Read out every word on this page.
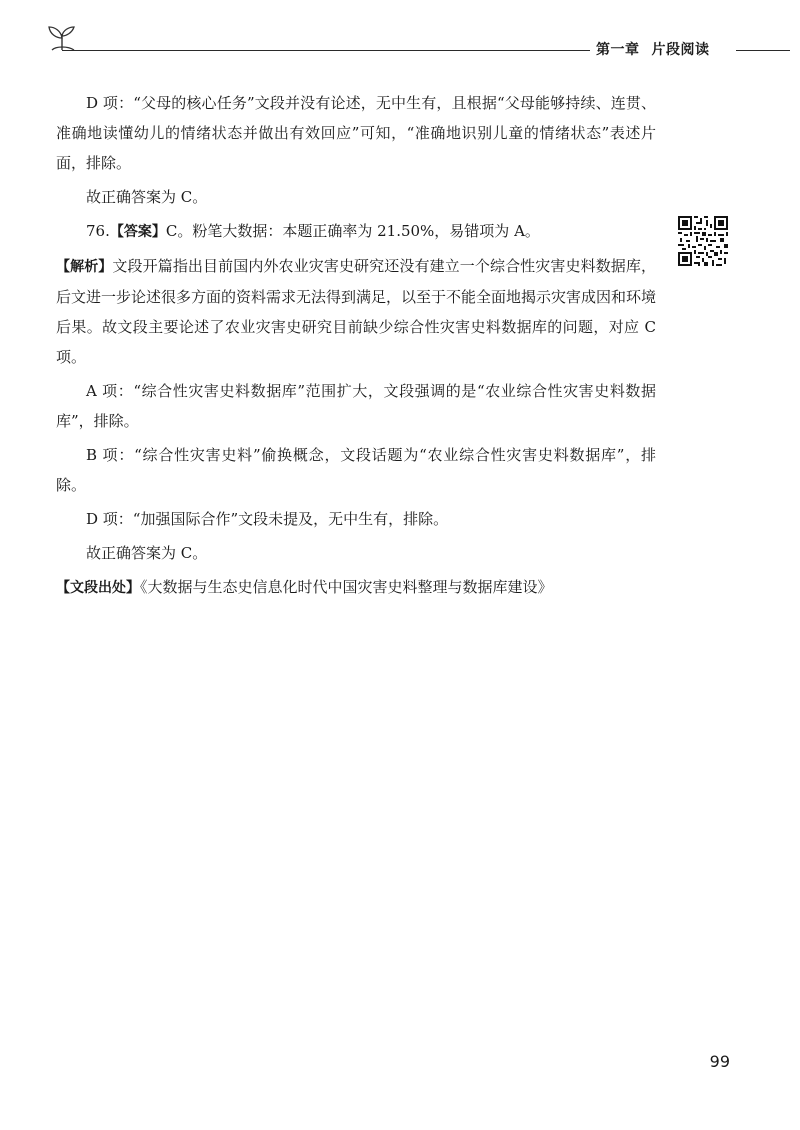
第一章 片段阅读

D 项：“父母的核心任务”文段并没有论述，无中生有，且根据“父母能够持续、连贯、准确地读懂幼儿的情绪状态并做出有效回应”可知，“准确地识别儿童的情绪状态”表述片面，排除。

故正确答案为 C。

76.【答案】C。粉笔大数据：本题正确率为 21.50%，易错项为 A。

【解析】文段开篇指出目前国内外农业灾害史研究还没有建立一个综合性灾害史料数据库，后文进一步论述很多方面的资料需求无法得到满足，以至于不能全面地揭示灾害成因和环境后果。故文段主要论述了农业灾害史研究目前缺少综合性灾害史料数据库的问题，对应 C 项。

A 项：“综合性灾害史料数据库”范围扩大，文段强调的是“农业综合性灾害史料数据库”，排除。

B 项：“综合性灾害史料”偷换概念，文段话题为“农业综合性灾害史料数据库”，排除。

D 项：“加强国际合作”文段未提及，无中生有，排除。

故正确答案为 C。

【文段出处】《大数据与生态史信息化时代中国灾害史料整理与数据库建设》

99
